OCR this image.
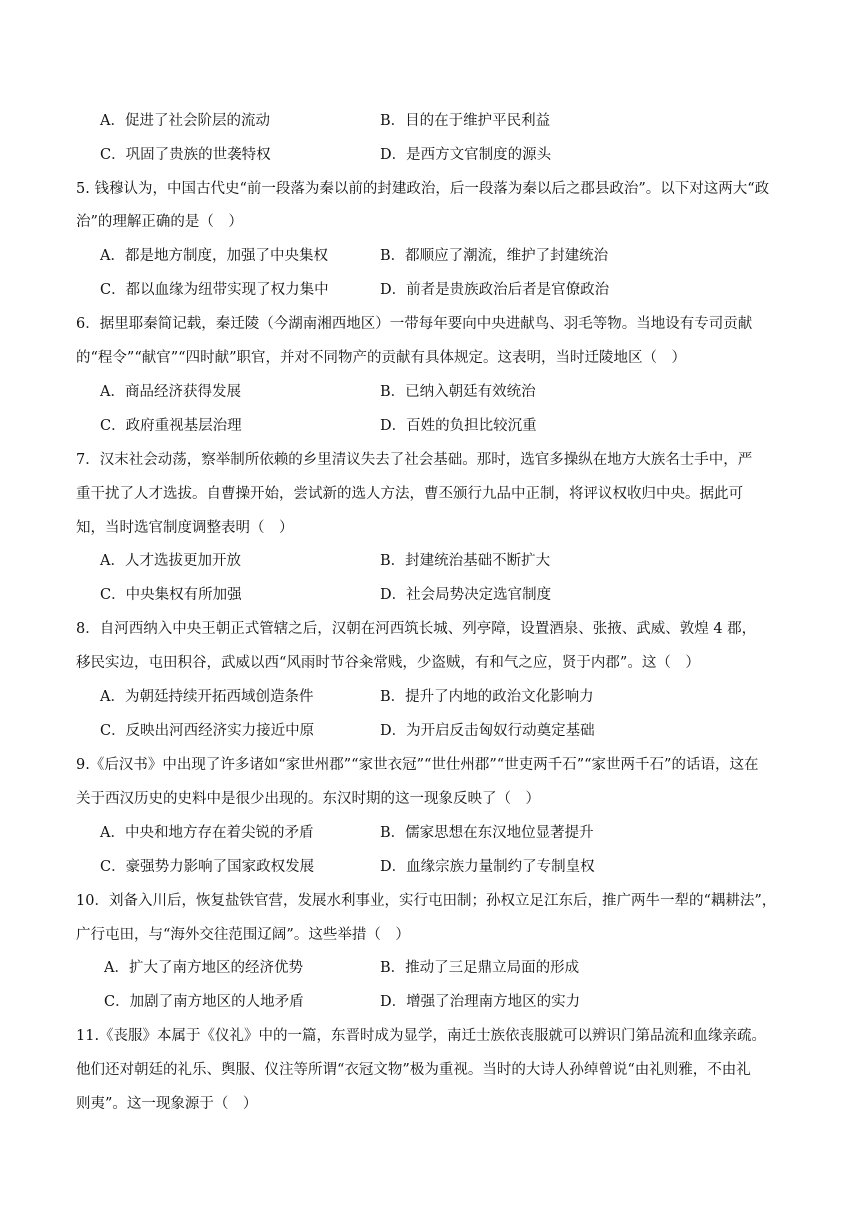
A．促进了社会阶层的流动	B．目的在于维护平民利益
C．巩固了贵族的世袭特权	D．是西方文官制度的源头
5. 钱穆认为，中国古代史“前一段落为秦以前的封建政治，后一段落为秦以后之郡县政治”。以下对这两大“政
治”的理解正确的是（　）
A．都是地方制度，加强了中央集权	B．都顺应了潮流，维护了封建统治
C．都以血缘为纽带实现了权力集中	D．前者是贵族政治后者是官僚政治
6．据里耶秦简记载，秦迁陵（今湖南湘西地区）一带每年要向中央进献鸟、羽毛等物。当地设有专司贡献
的“程令”“献官”“四时献”职官，并对不同物产的贡献有具体规定。这表明，当时迁陵地区（　）
A．商品经济获得发展	B．已纳入朝廷有效统治
C．政府重视基层治理	D．百姓的负担比较沉重
7．汉末社会动荡，察举制所依赖的乡里清议失去了社会基础。那时，选官多操纵在地方大族名士手中，严
重干扰了人才选拔。自曹操开始，尝试新的选人方法，曹丕颁行九品中正制，将评议权收归中央。据此可
知，当时选官制度调整表明（　）
A．人才选拔更加开放	B．封建统治基础不断扩大
C．中央集权有所加强	D．社会局势决定选官制度
8．自河西纳入中央王朝正式管辖之后，汉朝在河西筑长城、列亭障，设置酒泉、张掖、武威、敦煌 4 郡，
移民实边，屯田积谷，武威以西“风雨时节谷籴常贱，少盗贼，有和气之应，贤于内郡”。这（　）
A．为朝廷持续开拓西域创造条件	B．提升了内地的政治文化影响力
C．反映出河西经济实力接近中原	D．为开启反击匈奴行动奠定基础
9.《后汉书》中出现了许多诸如“家世州郡”“家世衣冠”“世仕州郡”“世吏两千石”“家世两千石”的话语，这在
关于西汉历史的史料中是很少出现的。东汉时期的这一现象反映了（　）
A．中央和地方存在着尖锐的矛盾	B．儒家思想在东汉地位显著提升
C．豪强势力影响了国家政权发展	D．血缘宗族力量制约了专制皇权
10．刘备入川后，恢复盐铁官营，发展水利事业，实行屯田制；孙权立足江东后，推广两牛一犁的“耦耕法”，
广行屯田，与“海外交往范围辽阔”。这些举措（　）
A．扩大了南方地区的经济优势	B．推动了三足鼎立局面的形成
C．加剧了南方地区的人地矛盾	D．增强了治理南方地区的实力
11.《丧服》本属于《仪礼》中的一篇，东晋时成为显学，南迁士族依丧服就可以辨识门第品流和血缘亲疏。
他们还对朝廷的礼乐、舆服、仪注等所谓“衣冠文物”极为重视。当时的大诗人孙绰曾说“由礼则雅，不由礼
则夷”。这一现象源于（　）
